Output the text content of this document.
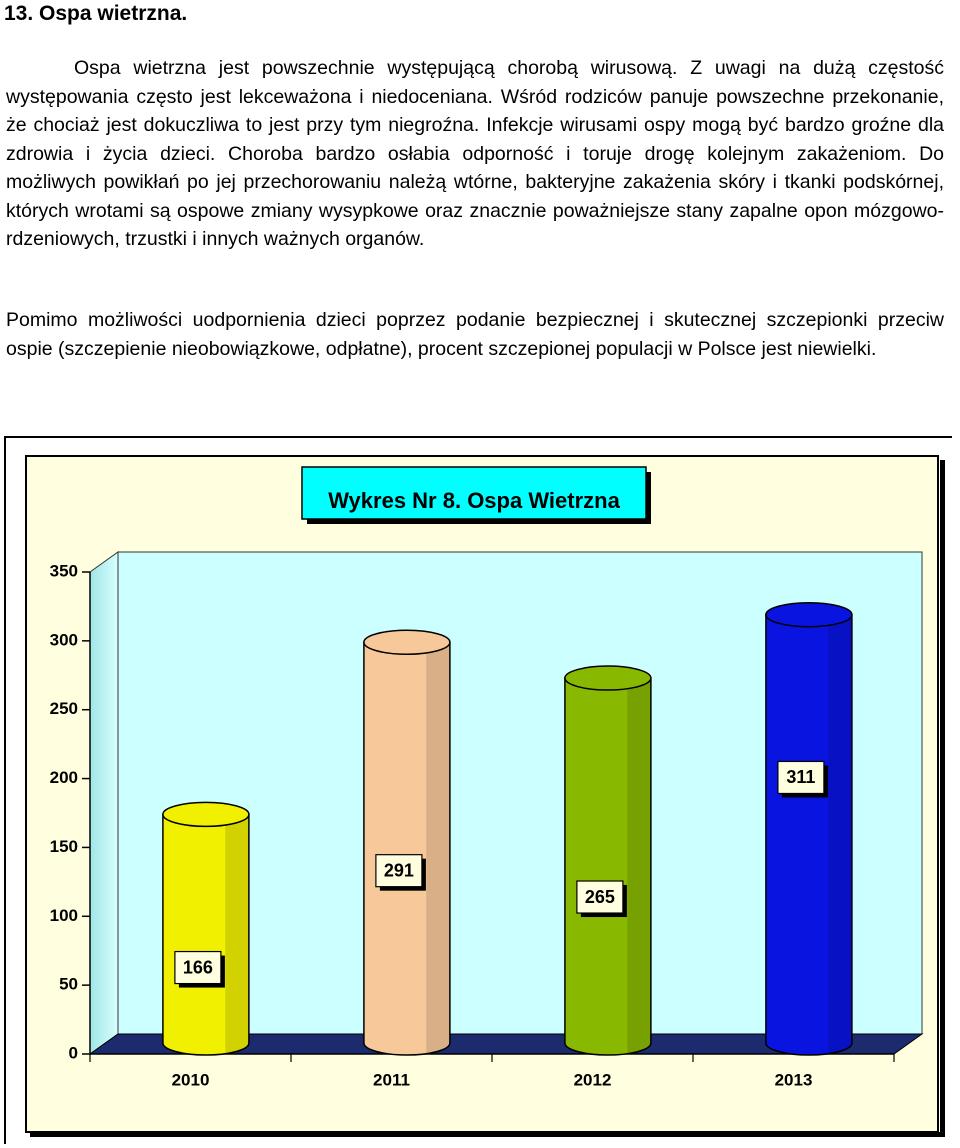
13. Ospa wietrzna.

Ospa wietrzna jest powszechnie występującą chorobą wirusową. Z uwagi na dużą częstość występowania często jest lekceważona i niedoceniana. Wśród rodziców panuje powszechne przekonanie, że chociaż jest dokuczliwa to jest przy tym niegroźna. Infekcje wirusami ospy mogą być bardzo groźne dla zdrowia i życia dzieci. Choroba bardzo osłabia odporność i toruje drogę kolejnym zakażeniom. Do możliwych powikłań po jej przechorowaniu należą wtórne, bakteryjne zakażenia skóry i tkanki podskórnej, których wrotami są ospowe zmiany wysypkowe oraz znacznie poważniejsze stany zapalne opon mózgowo-rdzeniowych, trzustki i innych ważnych organów.

Pomimo możliwości uodpornienia dzieci poprzez podanie bezpiecznej i skutecznej szczepionki przeciw ospie (szczepienie nieobowiązkowe, odpłatne), procent szczepionej populacji w Polsce jest niewielki.

Wykres Nr 8. Ospa Wietrzna
0
50
100
150
200
250
300
350
166
291
265
311
2010	2011	2012	2013
